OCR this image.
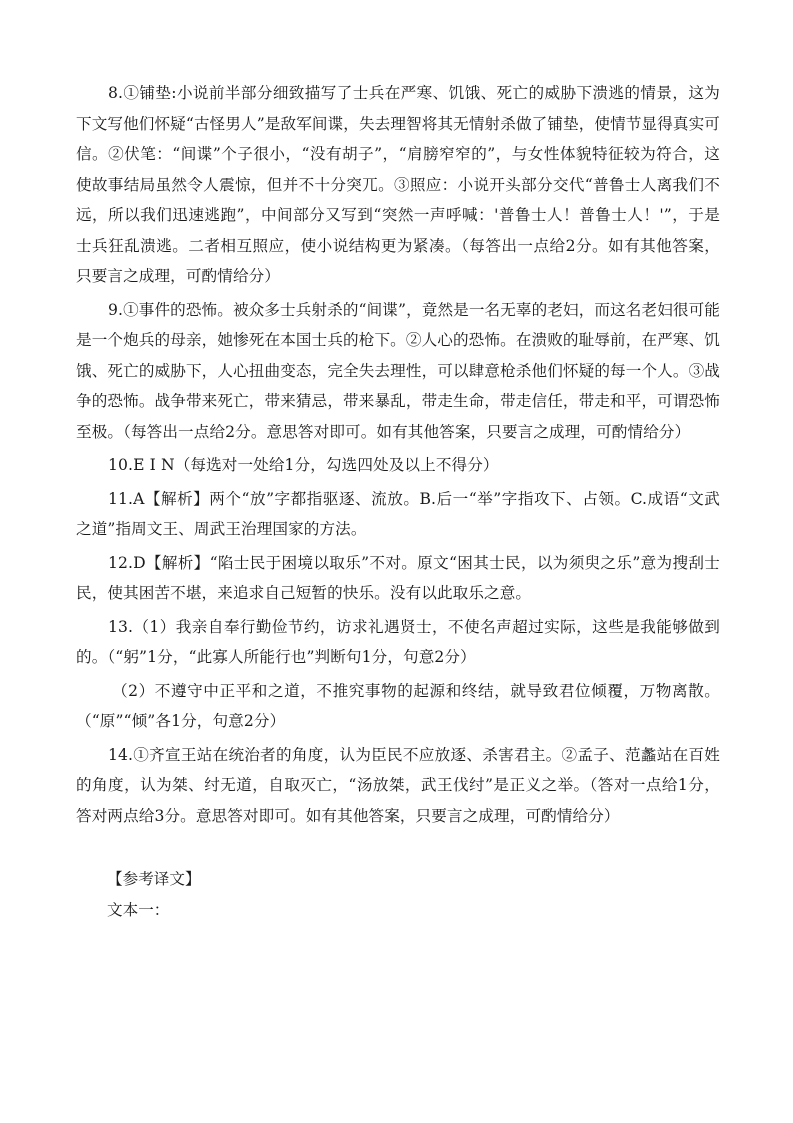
8.①铺垫:小说前半部分细致描写了士兵在严寒、饥饿、死亡的威胁下溃逃的情景，这为下文写他们怀疑“古怪男人”是敌军间谍，失去理智将其无情射杀做了铺垫，使情节显得真实可信。②伏笔：“间谍”个子很小，“没有胡子”，“肩膀窄窄的”，与女性体貌特征较为符合，这使故事结局虽然令人震惊，但并不十分突兀。③照应：小说开头部分交代“普鲁士人离我们不远，所以我们迅速逃跑”，中间部分又写到“突然一声呼喊：'普鲁士人！普鲁士人！'”，于是士兵狂乱溃逃。二者相互照应，使小说结构更为紧凑。（每答出一点给2分。如有其他答案，只要言之成理，可酌情给分）

9.①事件的恐怖。被众多士兵射杀的“间谍”，竟然是一名无辜的老妇，而这名老妇很可能是一个炮兵的母亲，她惨死在本国士兵的枪下。②人心的恐怖。在溃败的耻辱前，在严寒、饥饿、死亡的威胁下，人心扭曲变态，完全失去理性，可以肆意枪杀他们怀疑的每一个人。③战争的恐怖。战争带来死亡，带来猜忌，带来暴乱，带走生命，带走信任，带走和平，可谓恐怖至极。（每答出一点给2分。意思答对即可。如有其他答案，只要言之成理，可酌情给分）

10.E I N（每选对一处给1分，勾选四处及以上不得分）

11.A【解析】两个“放”字都指驱逐、流放。B.后一“举”字指攻下、占领。C.成语“文武之道”指周文王、周武王治理国家的方法。

12.D【解析】“陷士民于困境以取乐”不对。原文“困其士民，以为须臾之乐”意为搜刮士民，使其困苦不堪，来追求自己短暂的快乐。没有以此取乐之意。

13.（1）我亲自奉行勤俭节约，访求礼遇贤士，不使名声超过实际，这些是我能够做到的。（“躬”1分，“此寡人所能行也”判断句1分，句意2分）

（2）不遵守中正平和之道，不推究事物的起源和终结，就导致君位倾覆，万物离散。（“原”“倾”各1分，句意2分）

14.①齐宣王站在统治者的角度，认为臣民不应放逐、杀害君主。②孟子、范蠡站在百姓的角度，认为桀、纣无道，自取灭亡，“汤放桀，武王伐纣”是正义之举。（答对一点给1分，答对两点给3分。意思答对即可。如有其他答案，只要言之成理，可酌情给分）

【参考译文】

文本一：
